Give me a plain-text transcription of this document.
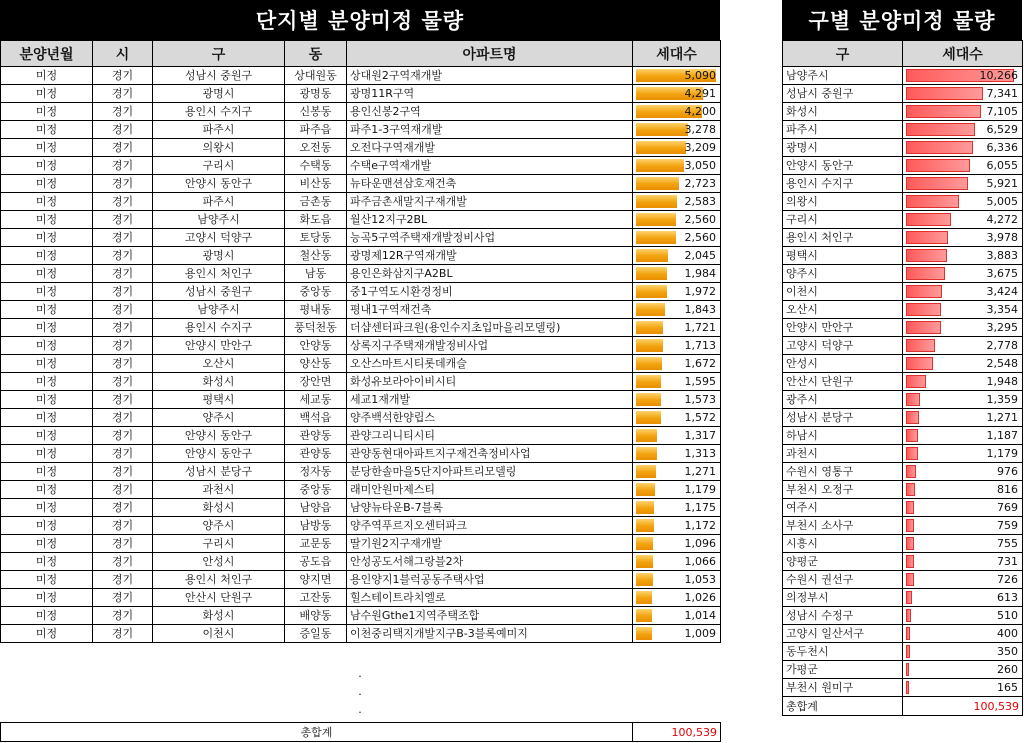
단지별 분양미정 물량
분양년월	시	구	동	아파트명	세대수
미정	경기	성남시 중원구	상대원동	상대원2구역재개발	5,090
미정	경기	광명시	광명동	광명11R구역	4,291
미정	경기	용인시 수지구	신봉동	용인신봉2구역	4,200
미정	경기	파주시	파주읍	파주1-3구역재개발	3,278
미정	경기	의왕시	오전동	오전다구역재개발	3,209
미정	경기	구리시	수택동	수택e구역재개발	3,050
미정	경기	안양시 동안구	비산동	뉴타운맨션삼호재건축	2,723
미정	경기	파주시	금촌동	파주금촌새말지구재개발	2,583
미정	경기	남양주시	화도읍	월산12지구2BL	2,560
미정	경기	고양시 덕양구	토당동	능곡5구역주택재개발정비사업	2,560
미정	경기	광명시	철산동	광명제12R구역재개발	2,045
미정	경기	용인시 처인구	남동	용인은화삼지구A2BL	1,984
미정	경기	성남시 중원구	중앙동	중1구역도시환경정비	1,972
미정	경기	남양주시	평내동	평내1구역재건축	1,843
미정	경기	용인시 수지구	풍덕천동	더샵센터파크원(용인수지초입마을리모델링)	1,721
미정	경기	안양시 만안구	안양동	상록지구주택재개발정비사업	1,713
미정	경기	오산시	양산동	오산스마트시티롯데캐슬	1,672
미정	경기	화성시	장안면	화성유보라아이비시티	1,595
미정	경기	평택시	세교동	세교1재개발	1,573
미정	경기	양주시	백석읍	양주백석한양립스	1,572
미정	경기	안양시 동안구	관양동	관양그리니티시티	1,317
미정	경기	안양시 동안구	관양동	관양동현대아파트지구재건축정비사업	1,313
미정	경기	성남시 분당구	정자동	분당한솔마을5단지아파트리모델링	1,271
미정	경기	과천시	중앙동	래미안원마제스티	1,179
미정	경기	화성시	남양읍	남양뉴타운B-7블록	1,175
미정	경기	양주시	남방동	양주역푸르지오센터파크	1,172
미정	경기	구리시	교문동	딸기원2지구재개발	1,096
미정	경기	안성시	공도읍	안성공도서해그랑블2차	1,066
미정	경기	용인시 처인구	양지면	용인양지1블럭공동주택사업	1,053
미정	경기	안산시 단원구	고잔동	힐스테이트라치엘로	1,026
미정	경기	화성시	배양동	남수원Gthe1지역주택조합	1,014
미정	경기	이천시	증일동	이천중리택지개발지구B-3블록예미지	1,009
·
·
·
총합계	100,539
구별 분양미정 물량
구	세대수
남양주시	10,266
성남시 중원구	7,341
화성시	7,105
파주시	6,529
광명시	6,336
안양시 동안구	6,055
용인시 수지구	5,921
의왕시	5,005
구리시	4,272
용인시 처인구	3,978
평택시	3,883
양주시	3,675
이천시	3,424
오산시	3,354
안양시 만안구	3,295
고양시 덕양구	2,778
안성시	2,548
안산시 단원구	1,948
광주시	1,359
성남시 분당구	1,271
하남시	1,187
과천시	1,179
수원시 영통구	976
부천시 오정구	816
여주시	769
부천시 소사구	759
시흥시	755
양평군	731
수원시 권선구	726
의정부시	613
성남시 수정구	510
고양시 일산서구	400
동두천시	350
가평군	260
부천시 원미구	165
총합계	100,539
